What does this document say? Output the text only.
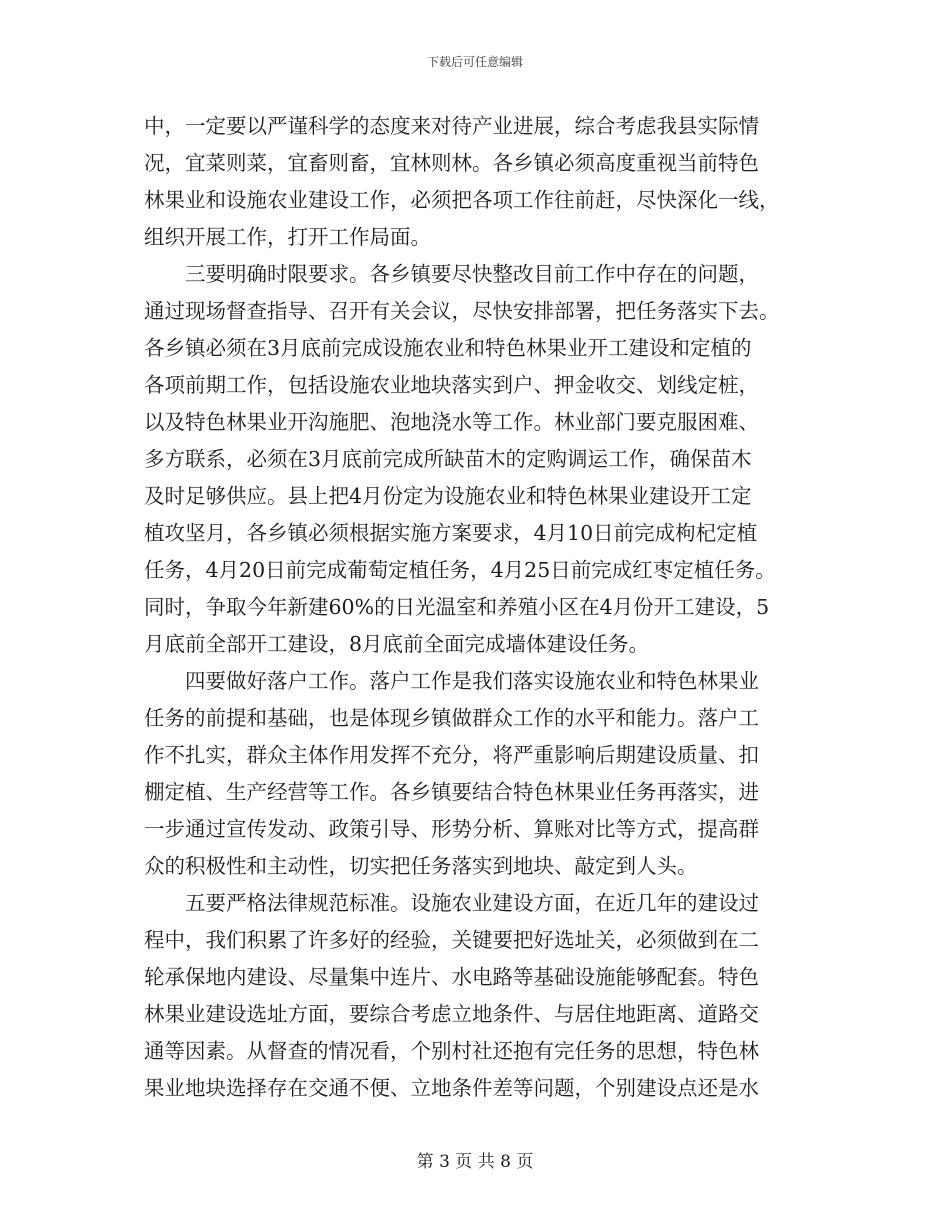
下载后可任意编辑
中，一定要以严谨科学的态度来对待产业进展，综合考虑我县实际情
况，宜菜则菜，宜畜则畜，宜林则林。各乡镇必须高度重视当前特色
林果业和设施农业建设工作，必须把各项工作往前赶，尽快深化一线，
组织开展工作，打开工作局面。
　　三要明确时限要求。各乡镇要尽快整改目前工作中存在的问题，
通过现场督查指导、召开有关会议，尽快安排部署，把任务落实下去。
各乡镇必须在3月底前完成设施农业和特色林果业开工建设和定植的
各项前期工作，包括设施农业地块落实到户、押金收交、划线定桩，
以及特色林果业开沟施肥、泡地浇水等工作。林业部门要克服困难、
多方联系，必须在3月底前完成所缺苗木的定购调运工作，确保苗木
及时足够供应。县上把4月份定为设施农业和特色林果业建设开工定
植攻坚月，各乡镇必须根据实施方案要求，4月10日前完成枸杞定植
任务，4月20日前完成葡萄定植任务，4月25日前完成红枣定植任务。
同时，争取今年新建60%的日光温室和养殖小区在4月份开工建设，5
月底前全部开工建设，8月底前全面完成墙体建设任务。
　　四要做好落户工作。落户工作是我们落实设施农业和特色林果业
任务的前提和基础，也是体现乡镇做群众工作的水平和能力。落户工
作不扎实，群众主体作用发挥不充分，将严重影响后期建设质量、扣
棚定植、生产经营等工作。各乡镇要结合特色林果业任务再落实，进
一步通过宣传发动、政策引导、形势分析、算账对比等方式，提高群
众的积极性和主动性，切实把任务落实到地块、敲定到人头。
　　五要严格法律规范标准。设施农业建设方面，在近几年的建设过
程中，我们积累了许多好的经验，关键要把好选址关，必须做到在二
轮承保地内建设、尽量集中连片、水电路等基础设施能够配套。特色
林果业建设选址方面，要综合考虑立地条件、与居住地距离、道路交
通等因素。从督查的情况看，个别村社还抱有完任务的思想，特色林
果业地块选择存在交通不便、立地条件差等问题，个别建设点还是水
第 3 页 共 8 页
